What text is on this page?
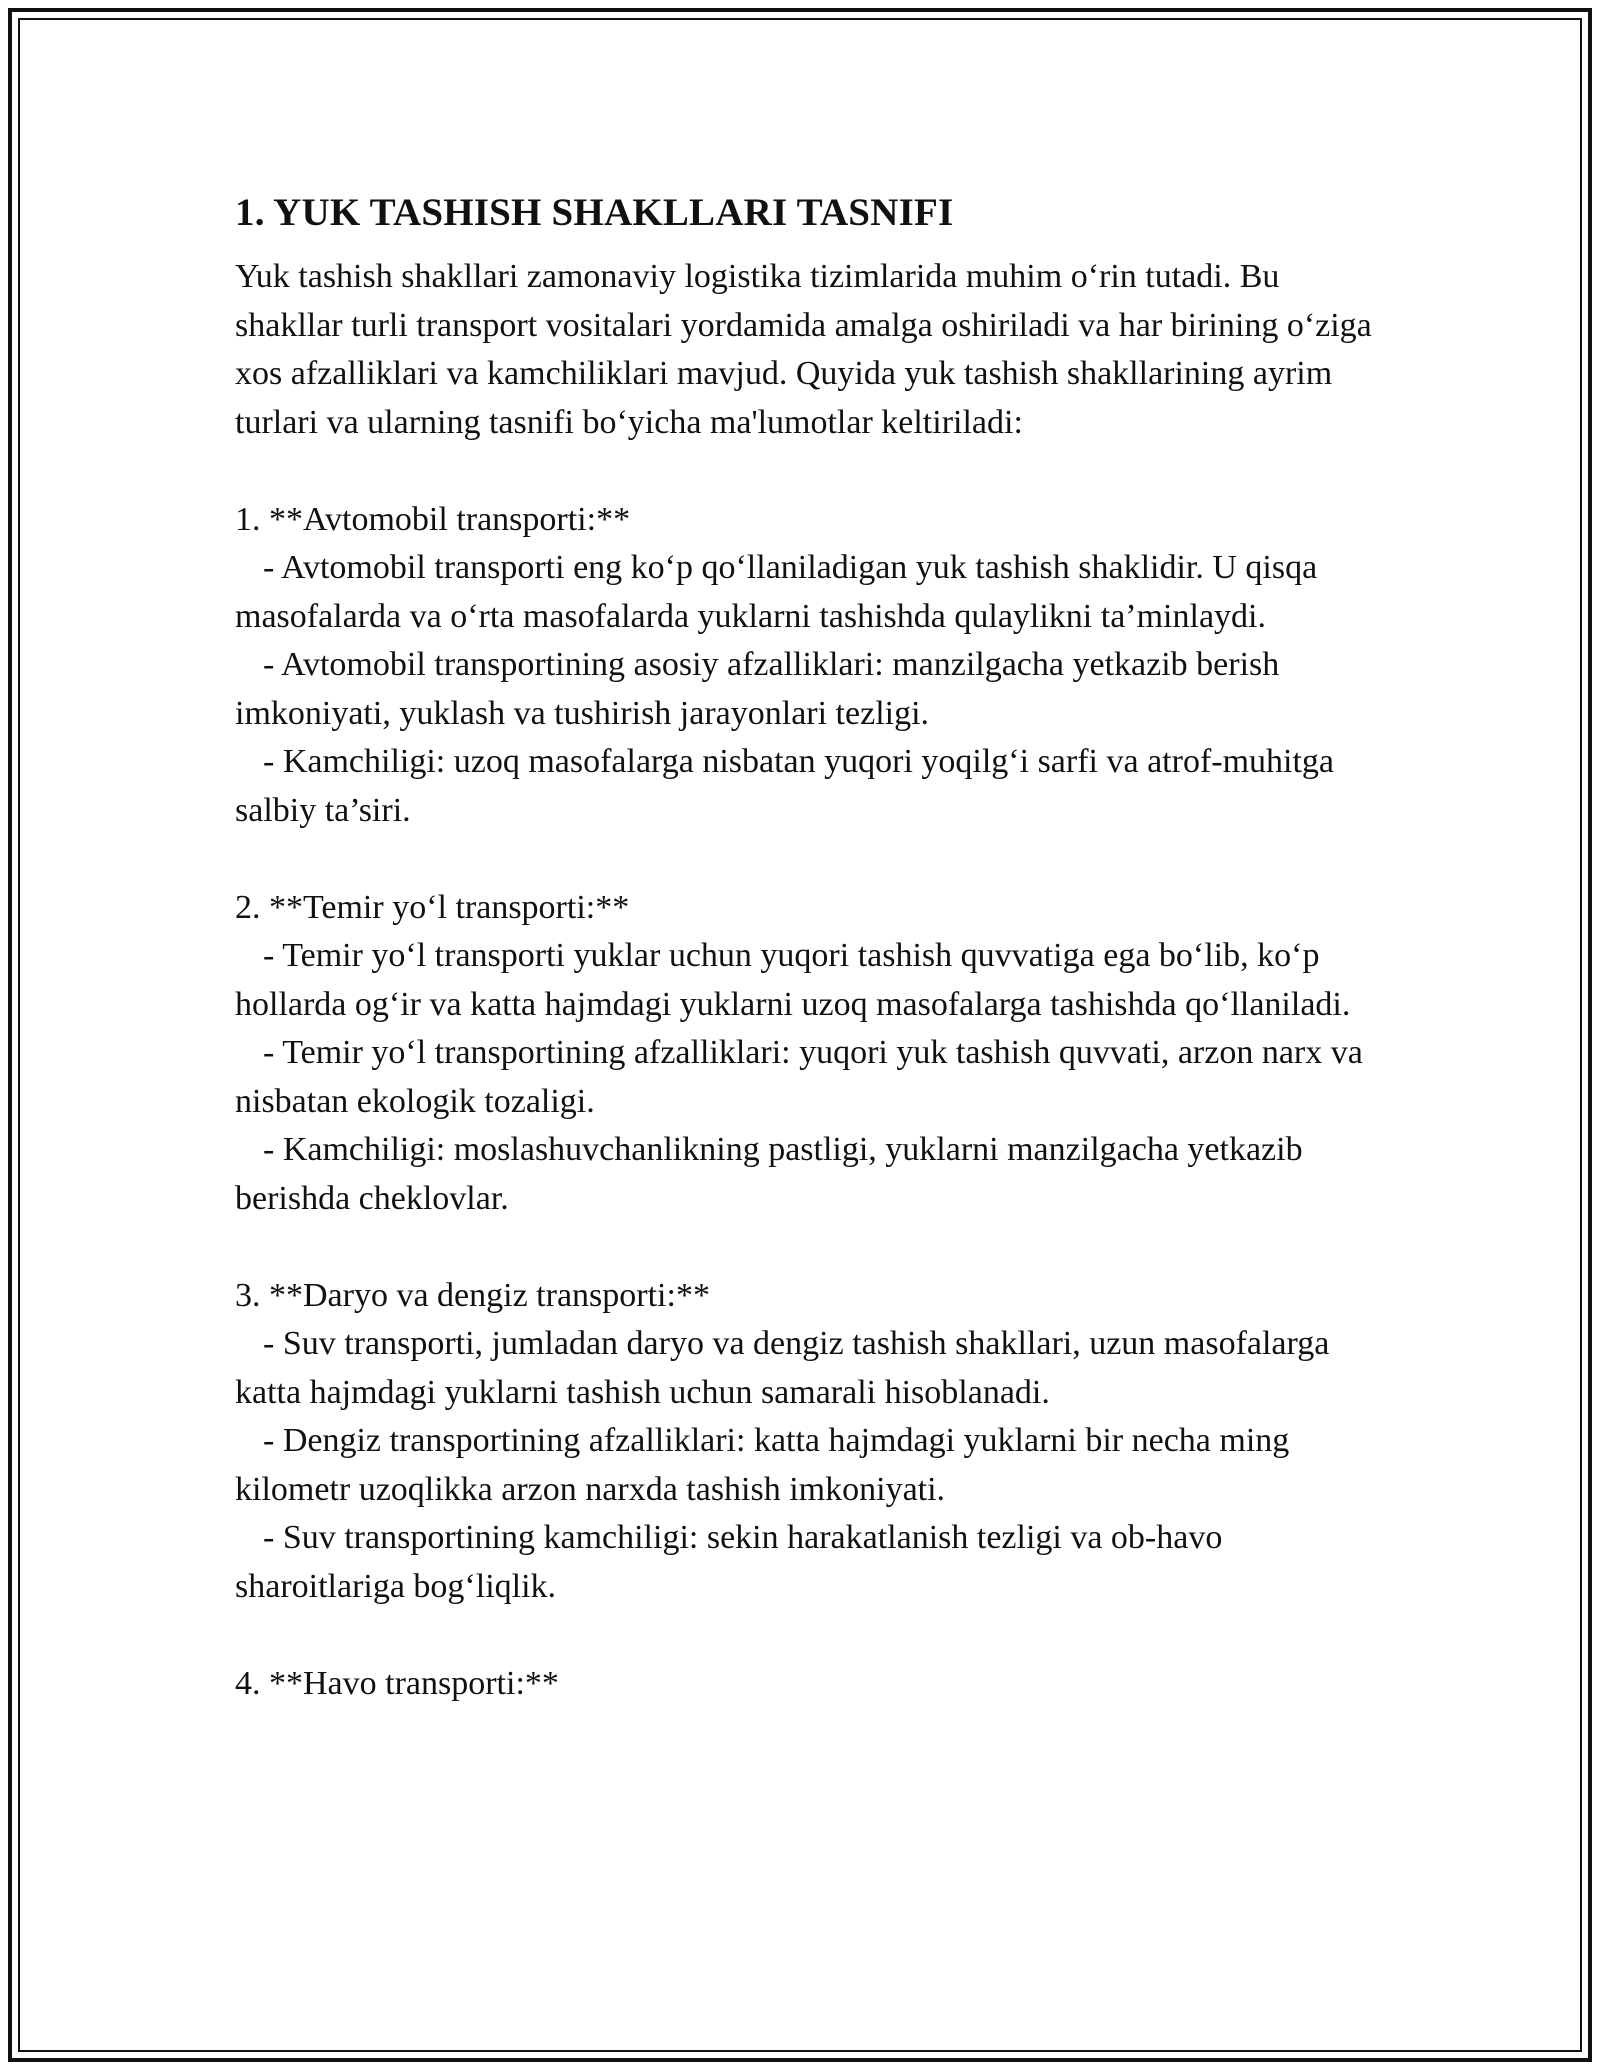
1. YUK TASHISH SHAKLLARI TASNIFI

Yuk tashish shakllari zamonaviy logistika tizimlarida muhim o‘rin tutadi. Bu shakllar turli transport vositalari yordamida amalga oshiriladi va har birining o‘ziga xos afzalliklari va kamchiliklari mavjud. Quyida yuk tashish shakllarining ayrim turlari va ularning tasnifi bo‘yicha ma'lumotlar keltiriladi:

1. **Avtomobil transporti:**
- Avtomobil transporti eng ko‘p qo‘llaniladigan yuk tashish shaklidir. U qisqa masofalarda va o‘rta masofalarda yuklarni tashishda qulaylikni ta’minlaydi.
- Avtomobil transportining asosiy afzalliklari: manzilgacha yetkazib berish imkoniyati, yuklash va tushirish jarayonlari tezligi.
- Kamchiligi: uzoq masofalarga nisbatan yuqori yoqilg‘i sarfi va atrof-muhitga salbiy ta’siri.
2. **Temir yo‘l transporti:**
- Temir yo‘l transporti yuklar uchun yuqori tashish quvvatiga ega bo‘lib, ko‘p hollarda og‘ir va katta hajmdagi yuklarni uzoq masofalarga tashishda qo‘llaniladi.
- Temir yo‘l transportining afzalliklari: yuqori yuk tashish quvvati, arzon narx va nisbatan ekologik tozaligi.
- Kamchiligi: moslashuvchanlikning pastligi, yuklarni manzilgacha yetkazib berishda cheklovlar.
3. **Daryo va dengiz transporti:**
- Suv transporti, jumladan daryo va dengiz tashish shakllari, uzun masofalarga katta hajmdagi yuklarni tashish uchun samarali hisoblanadi.
- Dengiz transportining afzalliklari: katta hajmdagi yuklarni bir necha ming kilometr uzoqlikka arzon narxda tashish imkoniyati.
- Suv transportining kamchiligi: sekin harakatlanish tezligi va ob-havo sharoitlariga bog‘liqlik.
4. **Havo transporti:**
